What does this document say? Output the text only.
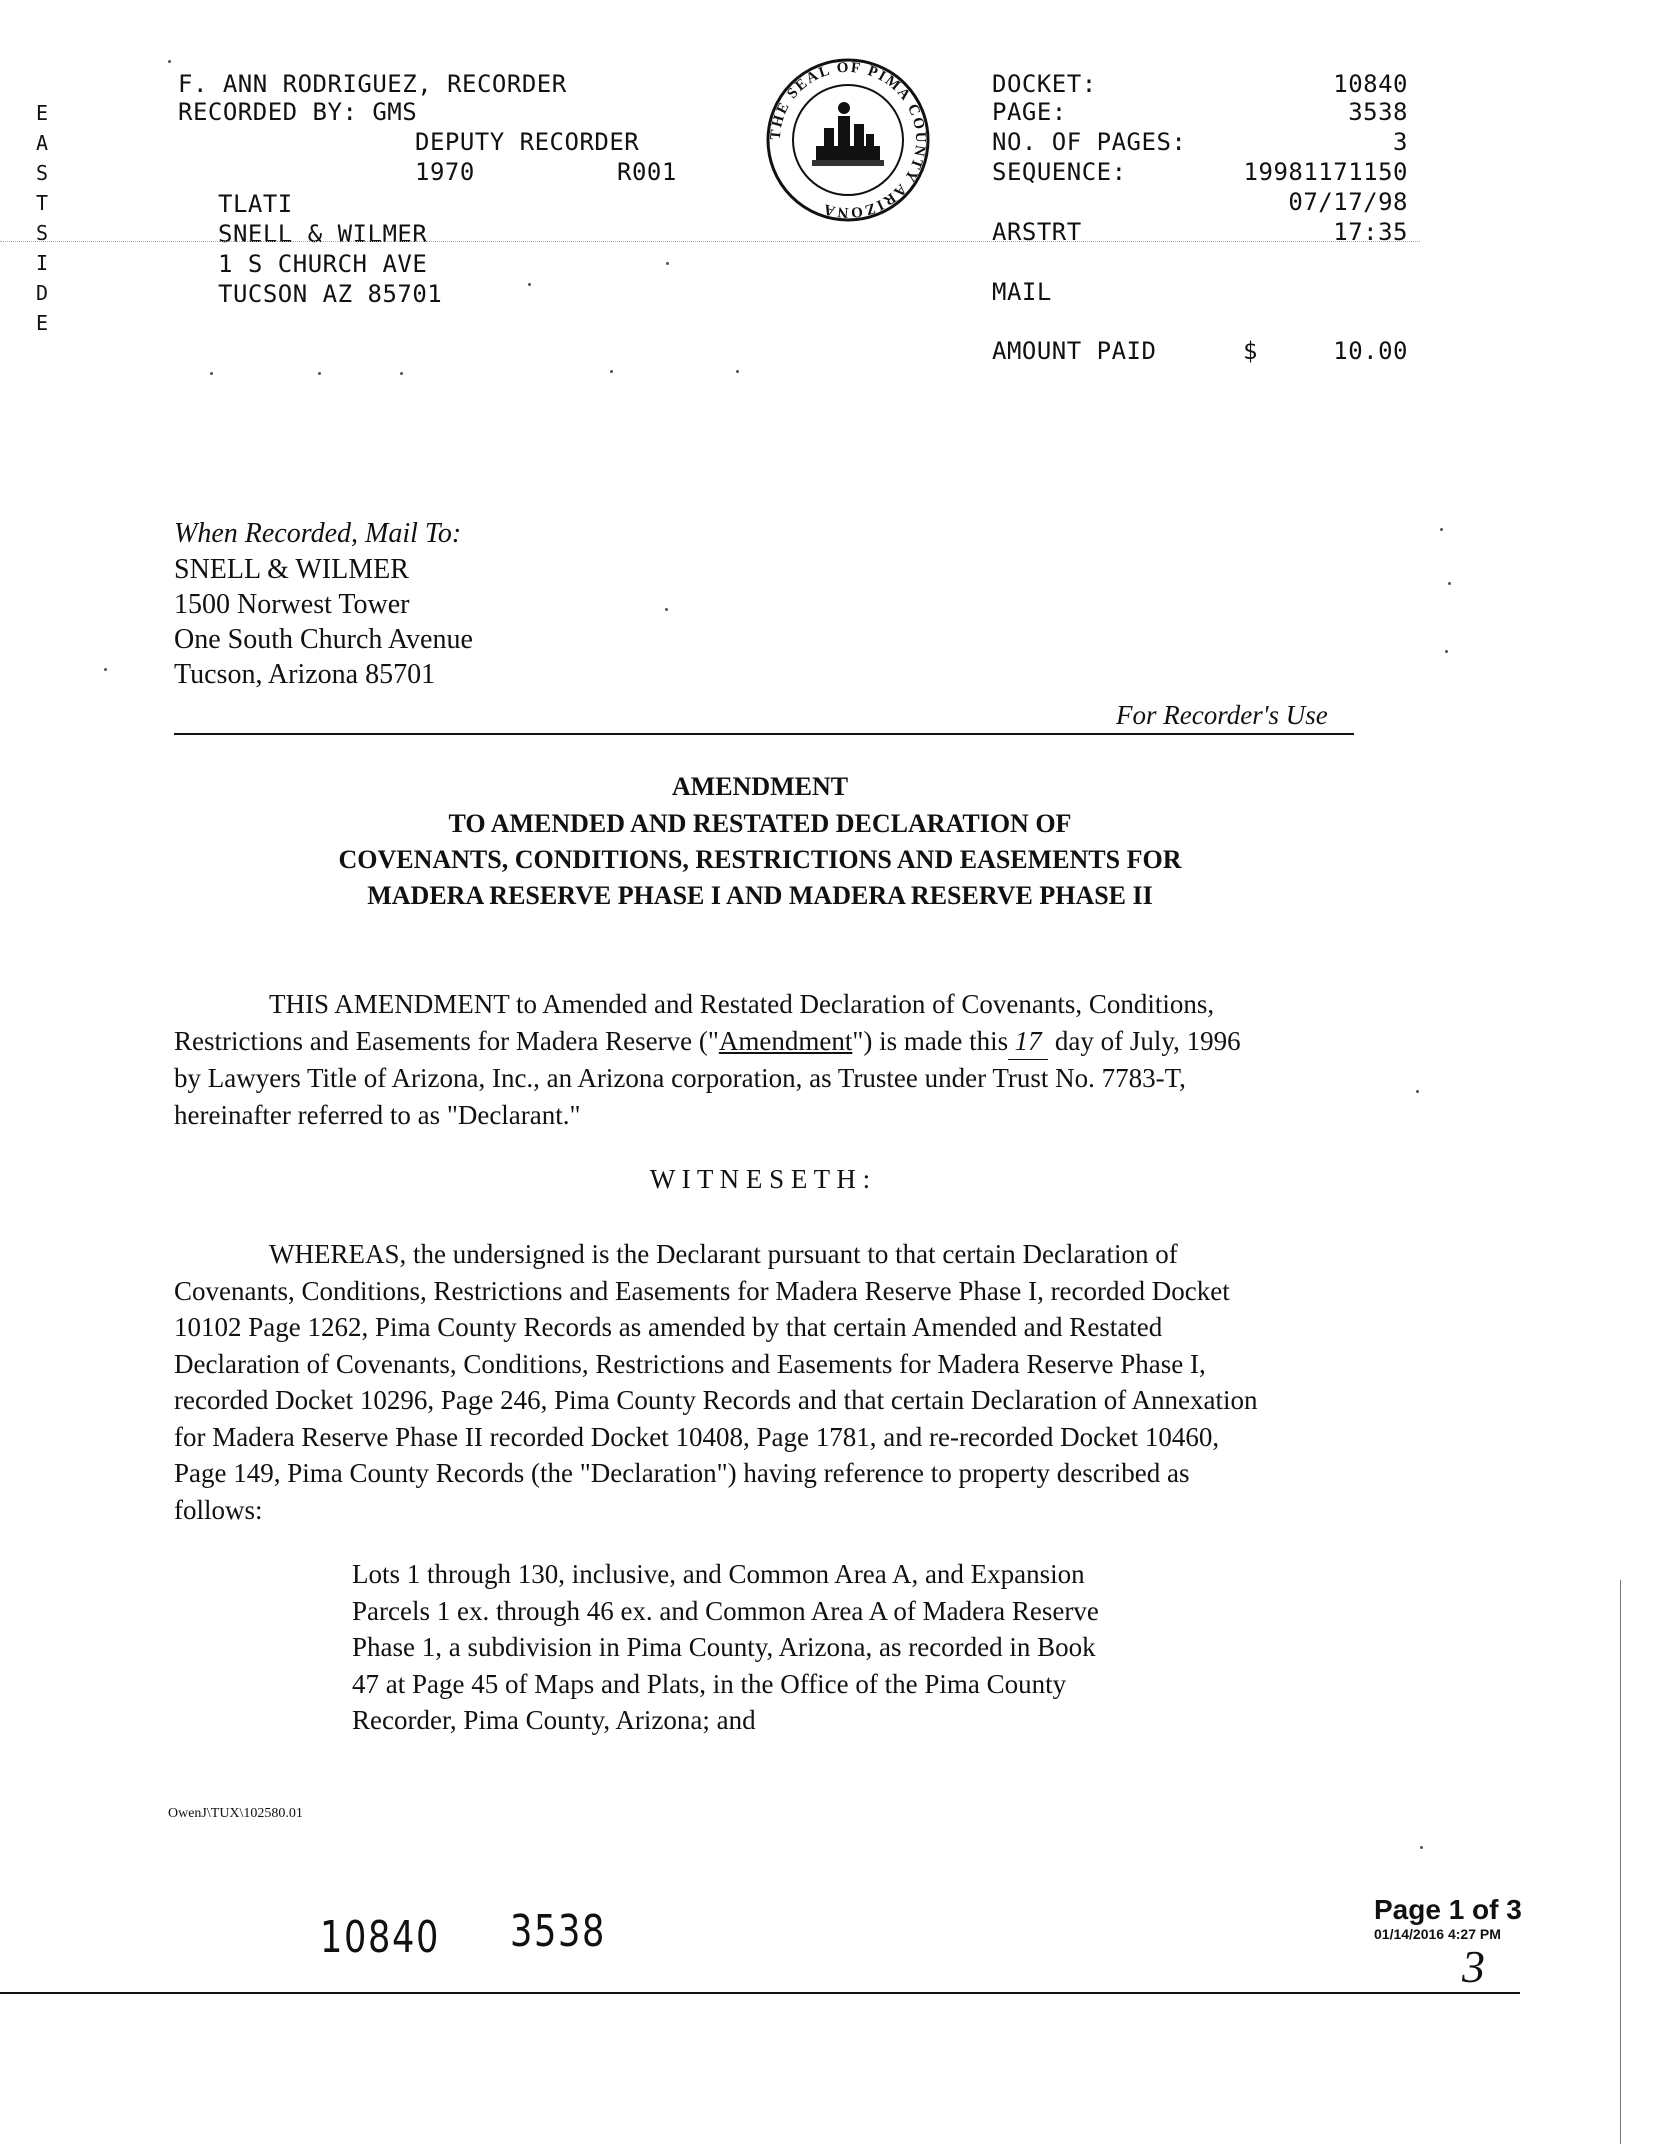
E
A
S
T
S
I
D
E
F. ANN RODRIGUEZ, RECORDER
RECORDED BY: GMS
DEPUTY RECORDER
1970	R001
TLATI
SNELL & WILMER
1 S CHURCH AVE
TUCSON AZ 85701
THE SEAL OF PIMA COUNTY ARIZONA
DOCKET:	10840
PAGE:	3538
NO. OF PAGES:	3
SEQUENCE:	19981171150
07/17/98
ARSTRT	17:35
MAIL
AMOUNT PAID	$	10.00
When Recorded, Mail To:
SNELL & WILMER
1500 Norwest Tower
One South Church Avenue
Tucson, Arizona 85701
For Recorder's Use
AMENDMENT
TO AMENDED AND RESTATED DECLARATION OF
COVENANTS, CONDITIONS, RESTRICTIONS AND EASEMENTS FOR
MADERA RESERVE PHASE I AND MADERA RESERVE PHASE II
THIS AMENDMENT to Amended and Restated Declaration of Covenants, Conditions,
Restrictions and Easements for Madera Reserve ("Amendment") is made this 17 day of July, 1996
by Lawyers Title of Arizona, Inc., an Arizona corporation, as Trustee under Trust No. 7783-T,
hereinafter referred to as "Declarant."
W I T N E S E T H :
WHEREAS, the undersigned is the Declarant pursuant to that certain Declaration of
Covenants, Conditions, Restrictions and Easements for Madera Reserve Phase I, recorded Docket
10102 Page 1262, Pima County Records as amended by that certain Amended and Restated
Declaration of Covenants, Conditions, Restrictions and Easements for Madera Reserve Phase I,
recorded Docket 10296, Page 246, Pima County Records and that certain Declaration of Annexation
for Madera Reserve Phase II recorded Docket 10408, Page 1781, and re-recorded Docket 10460,
Page 149, Pima County Records (the "Declaration") having reference to property described as
follows:
Lots 1 through 130, inclusive, and Common Area A, and Expansion
Parcels 1 ex. through 46 ex. and Common Area A of Madera Reserve
Phase 1, a subdivision in Pima County, Arizona, as recorded in Book
47 at Page 45 of Maps and Plats, in the Office of the Pima County
Recorder, Pima County, Arizona; and
OwenJ\TUX\102580.01
10840 3538	Page 1 of 3
01/14/2016 4:27 PM
3
